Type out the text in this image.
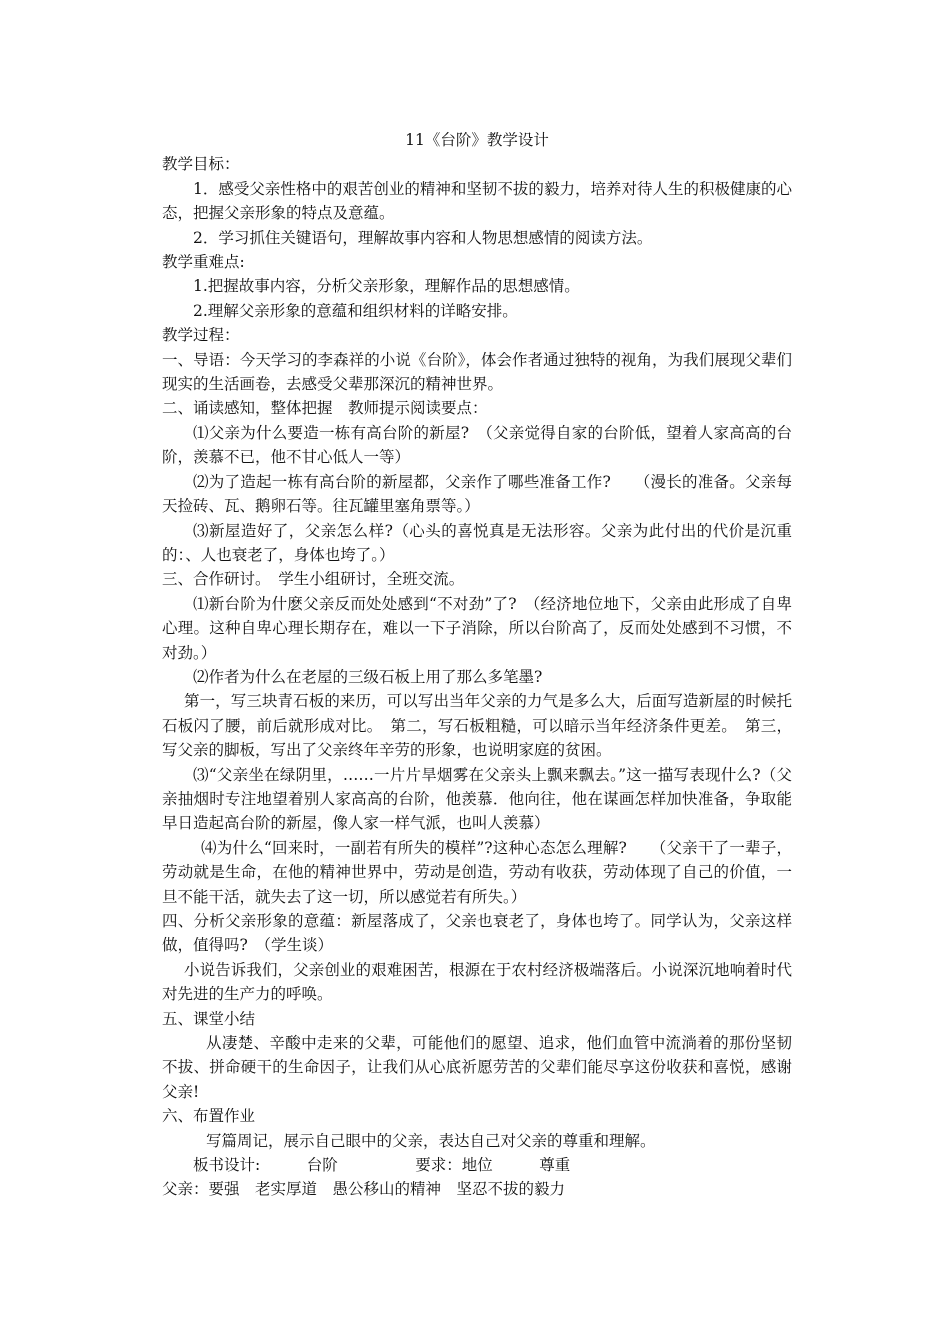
11《台阶》教学设计

教学目标：

1．感受父亲性格中的艰苦创业的精神和坚韧不拔的毅力，培养对待人生的积极健康的心态，把握父亲形象的特点及意蕴。

2．学习抓住关键语句，理解故事内容和人物思想感情的阅读方法。

教学重难点:

1.把握故事内容，分析父亲形象，理解作品的思想感情。

2.理解父亲形象的意蕴和组织材料的详略安排。

教学过程：

一、导语：今天学习的李森祥的小说《台阶》，体会作者通过独特的视角，为我们展现父辈们现实的生活画卷，去感受父辈那深沉的精神世界。

二、诵读感知，整体把握　教师提示阅读要点：

⑴父亲为什么要造一栋有高台阶的新屋?　（父亲觉得自家的台阶低，望着人家高高的台阶，羡慕不已，他不甘心低人一等）

⑵为了造起一栋有高台阶的新屋都，父亲作了哪些准备工作?　　（漫长的准备。父亲每天捡砖、瓦、鹅卵石等。往瓦罐里塞角票等。）

⑶新屋造好了，父亲怎么样?（心头的喜悦真是无法形容。父亲为此付出的代价是沉重的：、人也衰老了，身体也垮了。）

三、合作研讨。　学生小组研讨，全班交流。

⑴新台阶为什麽父亲反而处处感到“不对劲”了?　（经济地位地下，父亲由此形成了自卑心理。这种自卑心理长期存在，难以一下子消除，所以台阶高了，反而处处感到不习惯，不对劲。）

⑵作者为什么在老屋的三级石板上用了那么多笔墨?

第一，写三块青石板的来历，可以写出当年父亲的力气是多么大，后面写造新屋的时候托石板闪了腰，前后就形成对比。　第二，写石板粗糙，可以暗示当年经济条件更差。　第三，写父亲的脚板，写出了父亲终年辛劳的形象，也说明家庭的贫困。

⑶“父亲坐在绿阴里，……一片片旱烟雾在父亲头上飘来飘去。”这一描写表现什么?（父亲抽烟时专注地望着别人家高高的台阶，他羡慕．他向往，他在谋画怎样加快准备，争取能早日造起高台阶的新屋，像人家一样气派，也叫人羡慕）

⑷为什么“回来时，一副若有所失的模样”?这种心态怎么理解?　　（父亲干了一辈子，劳动就是生命，在他的精神世界中，劳动是创造，劳动有收获，劳动体现了自己的价值，一旦不能干活，就失去了这一切，所以感觉若有所失。）

四、分析父亲形象的意蕴：新屋落成了，父亲也衰老了，身体也垮了。同学认为，父亲这样做，值得吗?　（学生谈）

小说告诉我们，父亲创业的艰难困苦，根源在于农村经济极端落后。小说深沉地响着时代对先进的生产力的呼唤。

五、课堂小结

从凄楚、辛酸中走来的父辈，可能他们的愿望、追求，他们血管中流淌着的那份坚韧不拔、拼命硬干的生命因子，让我们从心底祈愿劳苦的父辈们能尽享这份收获和喜悦，感谢父亲!

六、布置作业

写篇周记，展示自己眼中的父亲，表达自己对父亲的尊重和理解。

板书设计:　　　台阶　　　　　要求：地位　　　尊重

父亲：要强　老实厚道　愚公移山的精神　坚忍不拔的毅力
